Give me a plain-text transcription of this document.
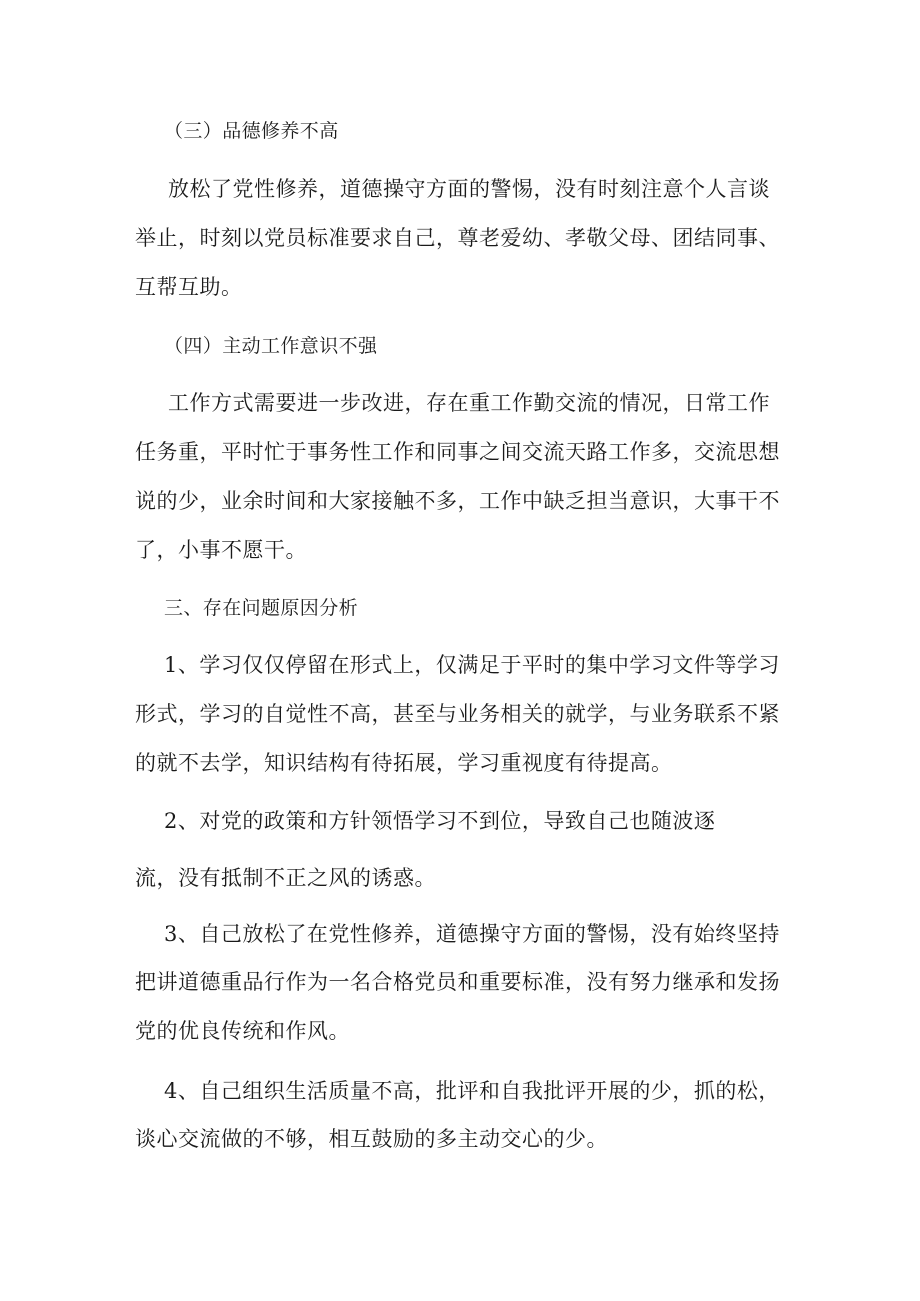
（三）品德修养不高

放松了党性修养，道德操守方面的警惕，没有时刻注意个人言谈

举止，时刻以党员标准要求自己，尊老爱幼、孝敬父母、团结同事、

互帮互助。

（四）主动工作意识不强

工作方式需要进一步改进，存在重工作勤交流的情况，日常工作

任务重，平时忙于事务性工作和同事之间交流天路工作多，交流思想

说的少，业余时间和大家接触不多，工作中缺乏担当意识，大事干不

了，小事不愿干。

三、存在问题原因分析

1、学习仅仅停留在形式上，仅满足于平时的集中学习文件等学习

形式，学习的自觉性不高，甚至与业务相关的就学，与业务联系不紧

的就不去学，知识结构有待拓展，学习重视度有待提高。

2、对党的政策和方针领悟学习不到位，导致自己也随波逐

流，没有抵制不正之风的诱惑。

3、自己放松了在党性修养，道德操守方面的警惕，没有始终坚持

把讲道德重品行作为一名合格党员和重要标准，没有努力继承和发扬

党的优良传统和作风。

4、自己组织生活质量不高，批评和自我批评开展的少，抓的松，

谈心交流做的不够，相互鼓励的多主动交心的少。
